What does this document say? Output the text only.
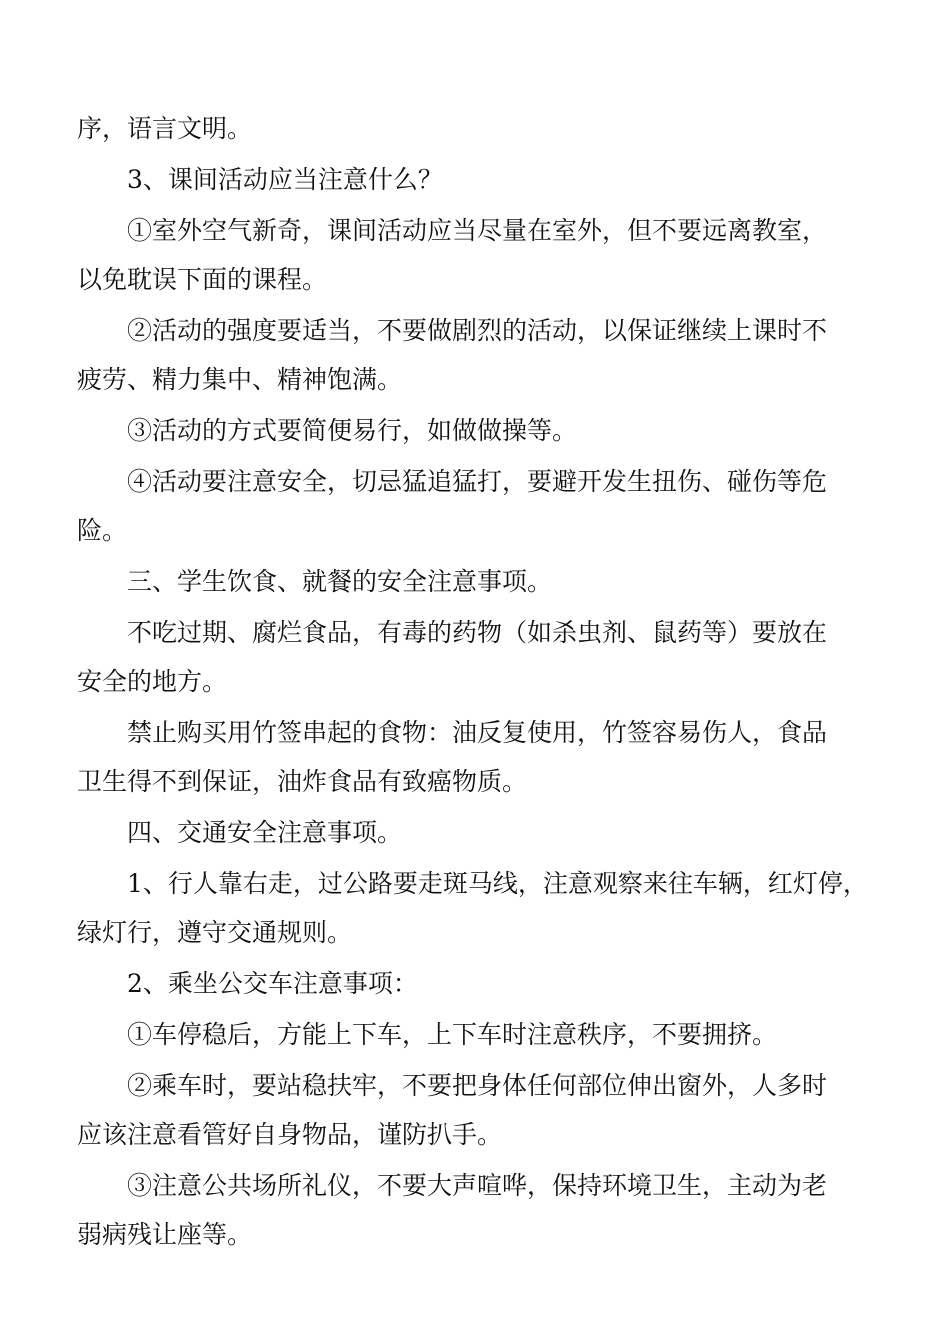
序，语言文明。

3、课间活动应当注意什么？

①室外空气新奇，课间活动应当尽量在室外，但不要远离教室，
以免耽误下面的课程。

②活动的强度要适当，不要做剧烈的活动，以保证继续上课时不
疲劳、精力集中、精神饱满。

③活动的方式要简便易行，如做做操等。

④活动要注意安全，切忌猛追猛打，要避开发生扭伤、碰伤等危
险。

三、学生饮食、就餐的安全注意事项。

不吃过期、腐烂食品，有毒的药物（如杀虫剂、鼠药等）要放在
安全的地方。

禁止购买用竹签串起的食物：油反复使用，竹签容易伤人，食品
卫生得不到保证，油炸食品有致癌物质。

四、交通安全注意事项。

1、行人靠右走，过公路要走斑马线，注意观察来往车辆，红灯停，
绿灯行，遵守交通规则。

2、乘坐公交车注意事项：

①车停稳后，方能上下车，上下车时注意秩序，不要拥挤。

②乘车时，要站稳扶牢，不要把身体任何部位伸出窗外，人多时
应该注意看管好自身物品，谨防扒手。

③注意公共场所礼仪，不要大声喧哗，保持环境卫生，主动为老
弱病残让座等。
